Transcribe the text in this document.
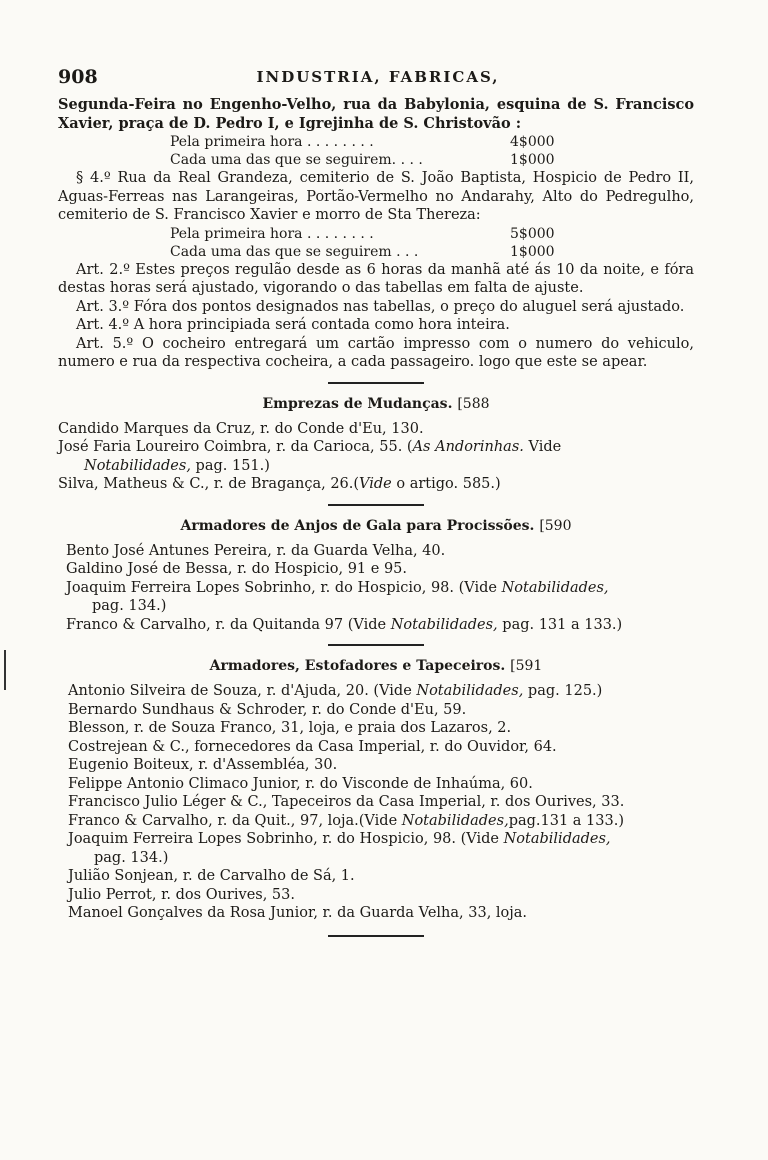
908	INDUSTRIA, FABRICAS,

Segunda-Feira no Engenho-Velho, rua da Babylonia, esquina de S. Francisco Xavier, praça de D. Pedro I, e Igrejinha de S. Christovão :

Pela primeira hora . . . . . . . .	4$000
Cada uma das que se seguirem. . . .	1$000

§ 4.º Rua da Real Grandeza, cemiterio de S. João Baptista, Hospicio de Pedro II, Aguas-Ferreas nas Larangeiras, Portão-Vermelho no Andarahy, Alto do Pedregulho, cemiterio de S. Francisco Xavier e morro de Sta Thereza:

Pela primeira hora . . . . . . . .	5$000
Cada uma das que se seguirem . . .	1$000

Art. 2.º Estes preços regulão desde as 6 horas da manhã até ás 10 da noite, e fóra destas horas será ajustado, vigorando o das tabellas em falta de ajuste.

Art. 3.º Fóra dos pontos designados nas tabellas, o preço do aluguel será ajustado.

Art. 4.º A hora principiada será contada como hora inteira.

Art. 5.º O cocheiro entregará um cartão impresso com o numero do vehiculo, numero e rua da respectiva cocheira, a cada passageiro. logo que este se apear.

Emprezas de Mudanças. [588

Candido Marques da Cruz, r. do Conde d'Eu, 130.

José Faria Loureiro Coimbra, r. da Carioca, 55. (As Andorinhas. Vide

Notabilidades, pag. 151.)

Silva, Matheus & C., r. de Bragança, 26.(Vide o artigo. 585.)

Armadores de Anjos de Gala para Procissões. [590

Bento José Antunes Pereira, r. da Guarda Velha, 40.

Galdino José de Bessa, r. do Hospicio, 91 e 95.

Joaquim Ferreira Lopes Sobrinho, r. do Hospicio, 98. (Vide Notabilidades,

pag. 134.)

Franco & Carvalho, r. da Quitanda 97 (Vide Notabilidades, pag. 131 a 133.)

Armadores, Estofadores e Tapeceiros. [591

Antonio Silveira de Souza, r. d'Ajuda, 20. (Vide Notabilidades, pag. 125.)

Bernardo Sundhaus & Schroder, r. do Conde d'Eu, 59.

Blesson, r. de Souza Franco, 31, loja, e praia dos Lazaros, 2.

Costrejean & C., fornecedores da Casa Imperial, r. do Ouvidor, 64.

Eugenio Boiteux, r. d'Assembléa, 30.

Felippe Antonio Climaco Junior, r. do Visconde de Inhaúma, 60.

Francisco Julio Léger & C., Tapeceiros da Casa Imperial, r. dos Ourives, 33.

Franco & Carvalho, r. da Quit., 97, loja.(Vide Notabilidades,pag.131 a 133.)

Joaquim Ferreira Lopes Sobrinho, r. do Hospicio, 98. (Vide Notabilidades,

pag. 134.)

Julião Sonjean, r. de Carvalho de Sá, 1.

Julio Perrot, r. dos Ourives, 53.

Manoel Gonçalves da Rosa Junior, r. da Guarda Velha, 33, loja.
